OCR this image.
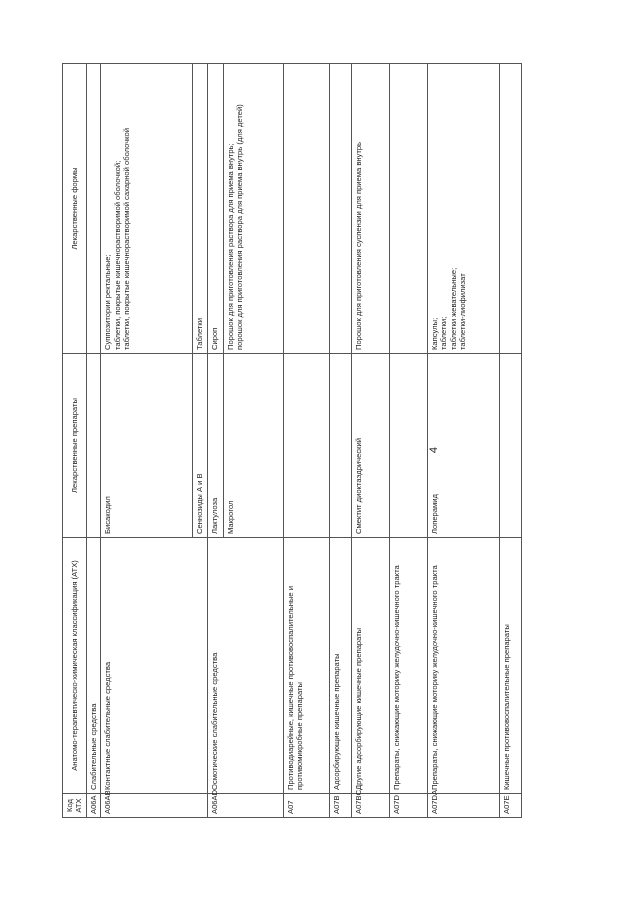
4
Код АТХ	Анатомо-терапевтическо-химическая классификация (АТХ)	Лекарственные препараты	Лекарственные формы
A06A	Слабительные средства		
A06AB	Контактные слабительные средства	Бисакодил	Суппозитории ректальные; таблетки, покрытые кишечнорастворимой оболочкой; таблетки, покрытые кишечнорастворимой сахарной оболочкой

		Сеннозиды А и В	Таблетки
A06AD	Осмотические слабительные средства	Лактулоза	Сироп
		Макрогол	Порошок для приготовления раствора для приема внутрь; порошок для приготовления раствора для приема внутрь (для детей)

A07	Противодиарейные, кишечные противовоспалительные и противомикробные препараты		
A07B	Адсорбирующие кишечные препараты		
A07BC	Другие адсорбирующие кишечные препараты	Смектит диоктаэдрический	Порошок для приготовления суспензии для приема внутрь
A07D	Препараты, снижающие моторику желудочно-кишечного тракта		
A07DA	Препараты, снижающие моторику желудочно-кишечного тракта	Лоперамид	Капсулы; таблетки; таблетки жевательные; таблетки-лиофилизат

A07E	Кишечные противовоспалительные препараты		
